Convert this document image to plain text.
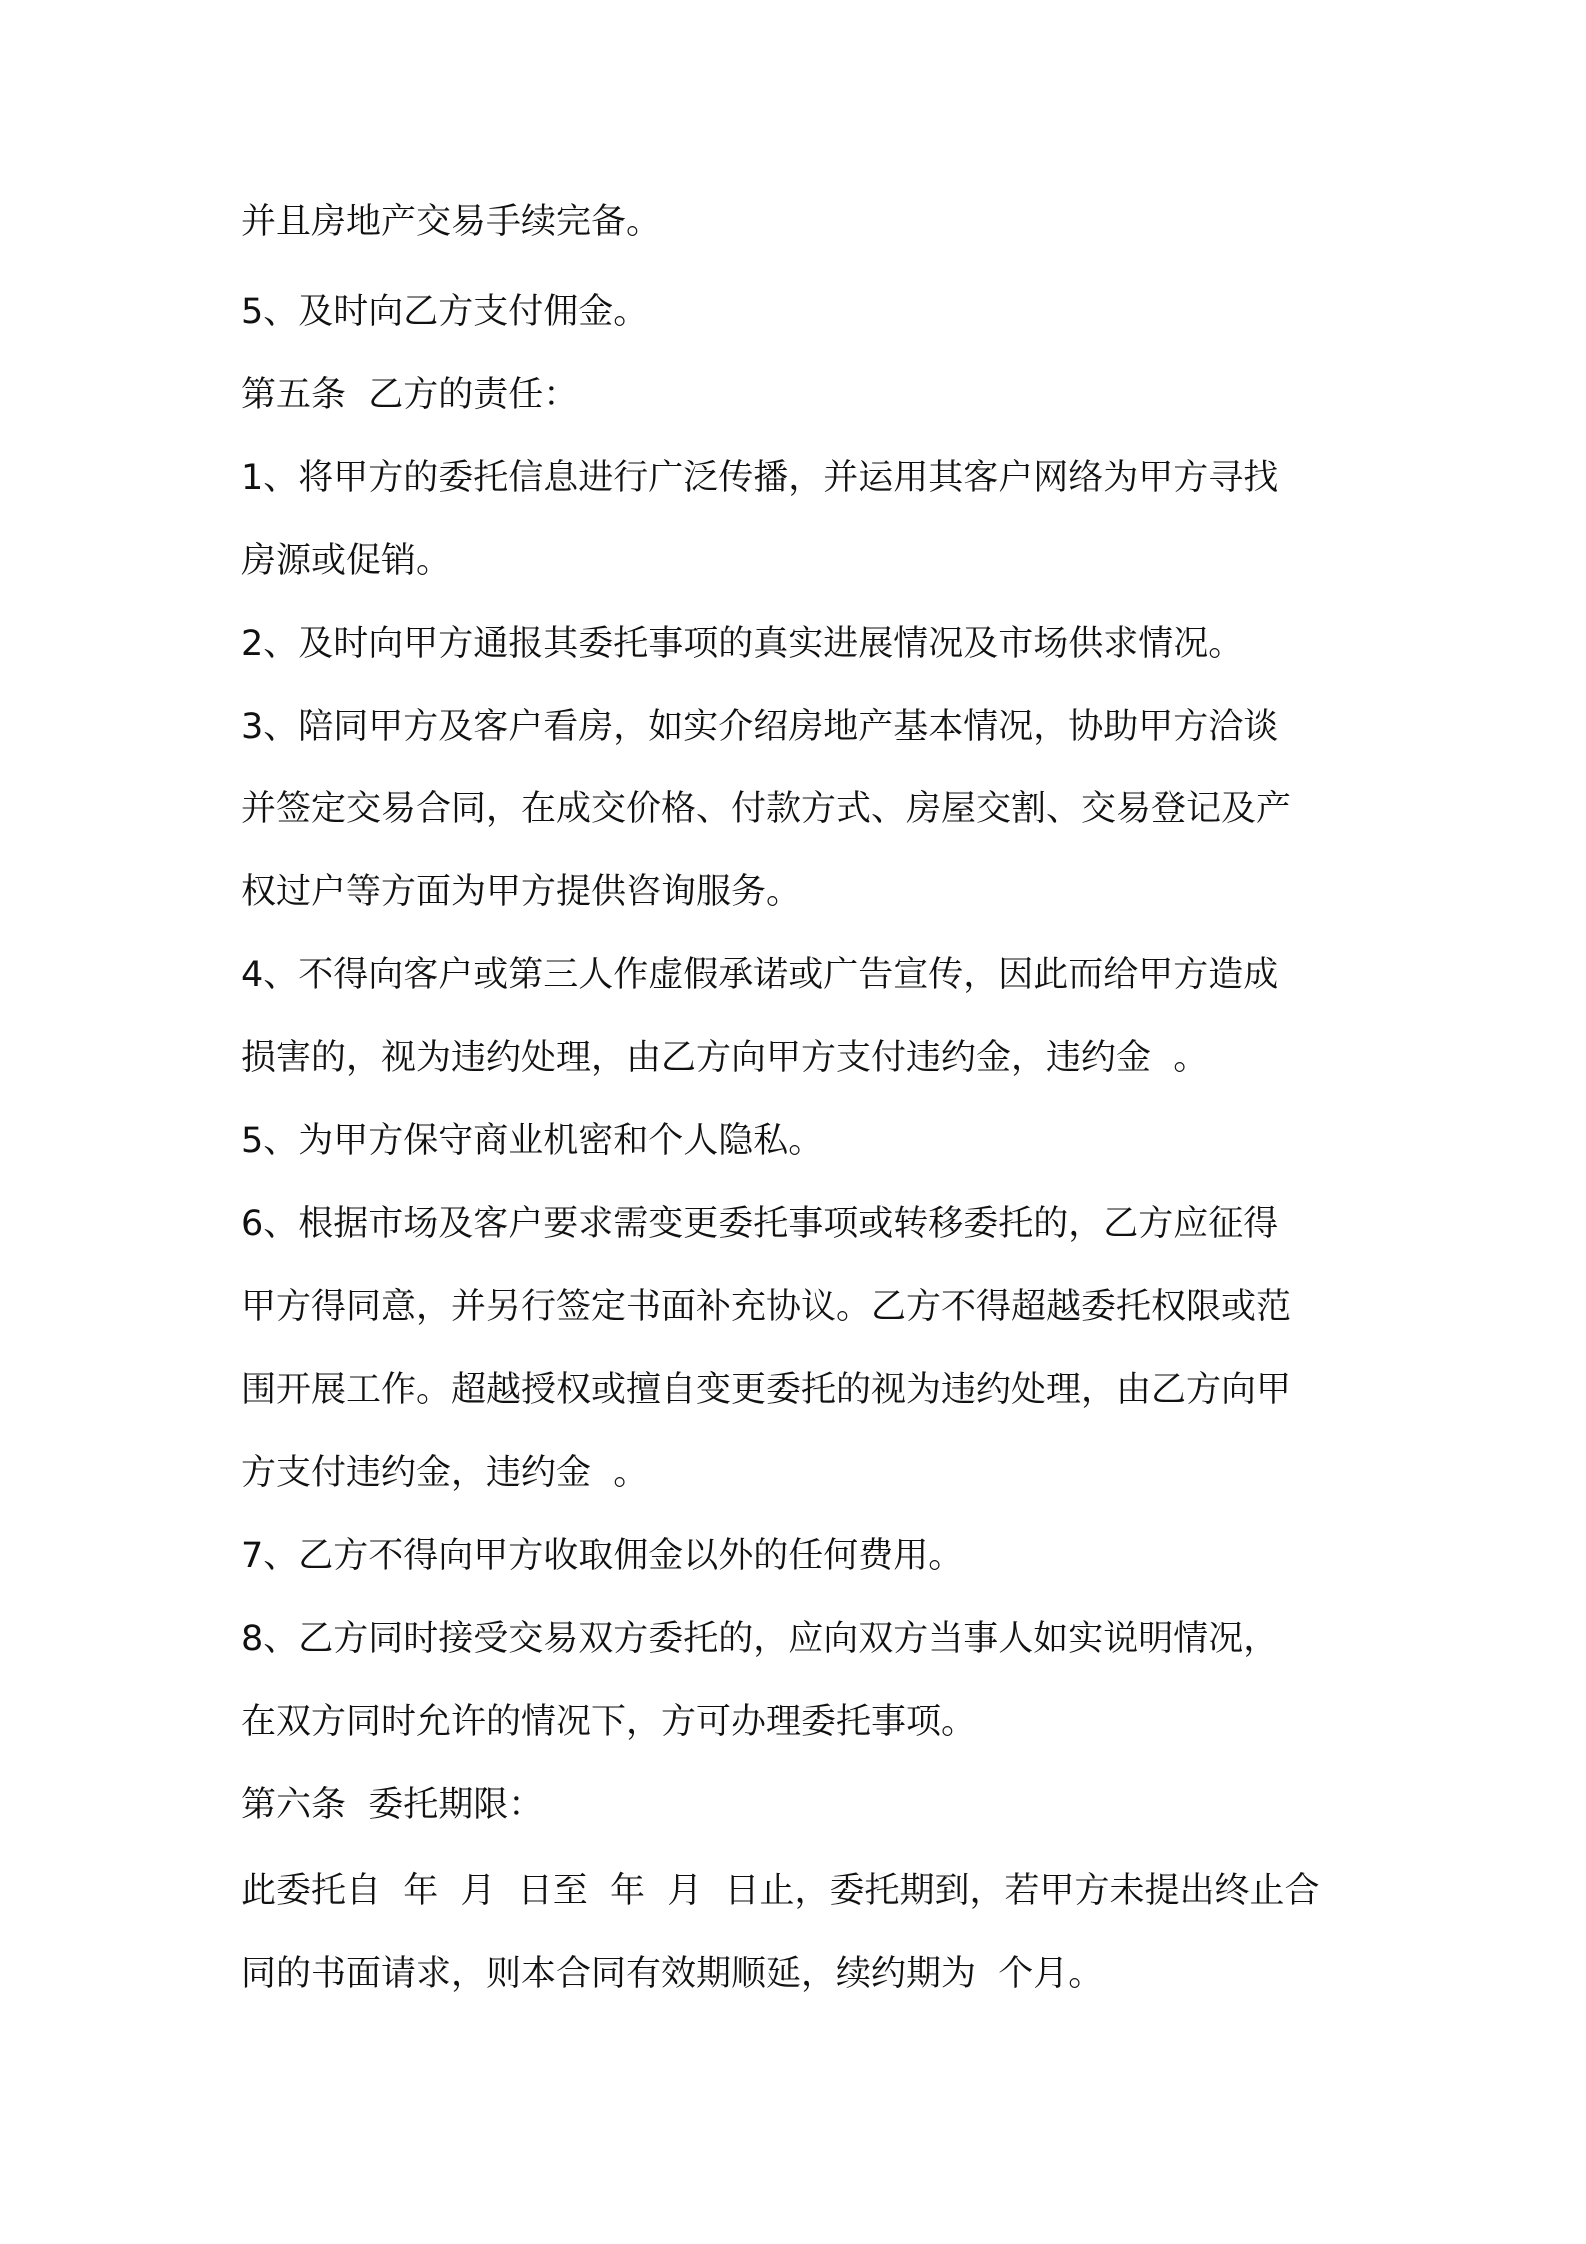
并且房地产交易手续完备。
5、及时向乙方支付佣金。
第五条  乙方的责任：
1、将甲方的委托信息进行广泛传播，并运用其客户网络为甲方寻找
房源或促销。
2、及时向甲方通报其委托事项的真实进展情况及市场供求情况。
3、陪同甲方及客户看房，如实介绍房地产基本情况，协助甲方洽谈
并签定交易合同，在成交价格、付款方式、房屋交割、交易登记及产
权过户等方面为甲方提供咨询服务。
4、不得向客户或第三人作虚假承诺或广告宣传，因此而给甲方造成
损害的，视为违约处理，由乙方向甲方支付违约金，违约金  。
5、为甲方保守商业机密和个人隐私。
6、根据市场及客户要求需变更委托事项或转移委托的，乙方应征得
甲方得同意，并另行签定书面补充协议。乙方不得超越委托权限或范
围开展工作。超越授权或擅自变更委托的视为违约处理，由乙方向甲
方支付违约金，违约金  。
7、乙方不得向甲方收取佣金以外的任何费用。
8、乙方同时接受交易双方委托的，应向双方当事人如实说明情况，
在双方同时允许的情况下，方可办理委托事项。
第六条  委托期限：
此委托自  年  月  日至  年  月  日止，委托期到，若甲方未提出终止合
同的书面请求，则本合同有效期顺延，续约期为  个月。
